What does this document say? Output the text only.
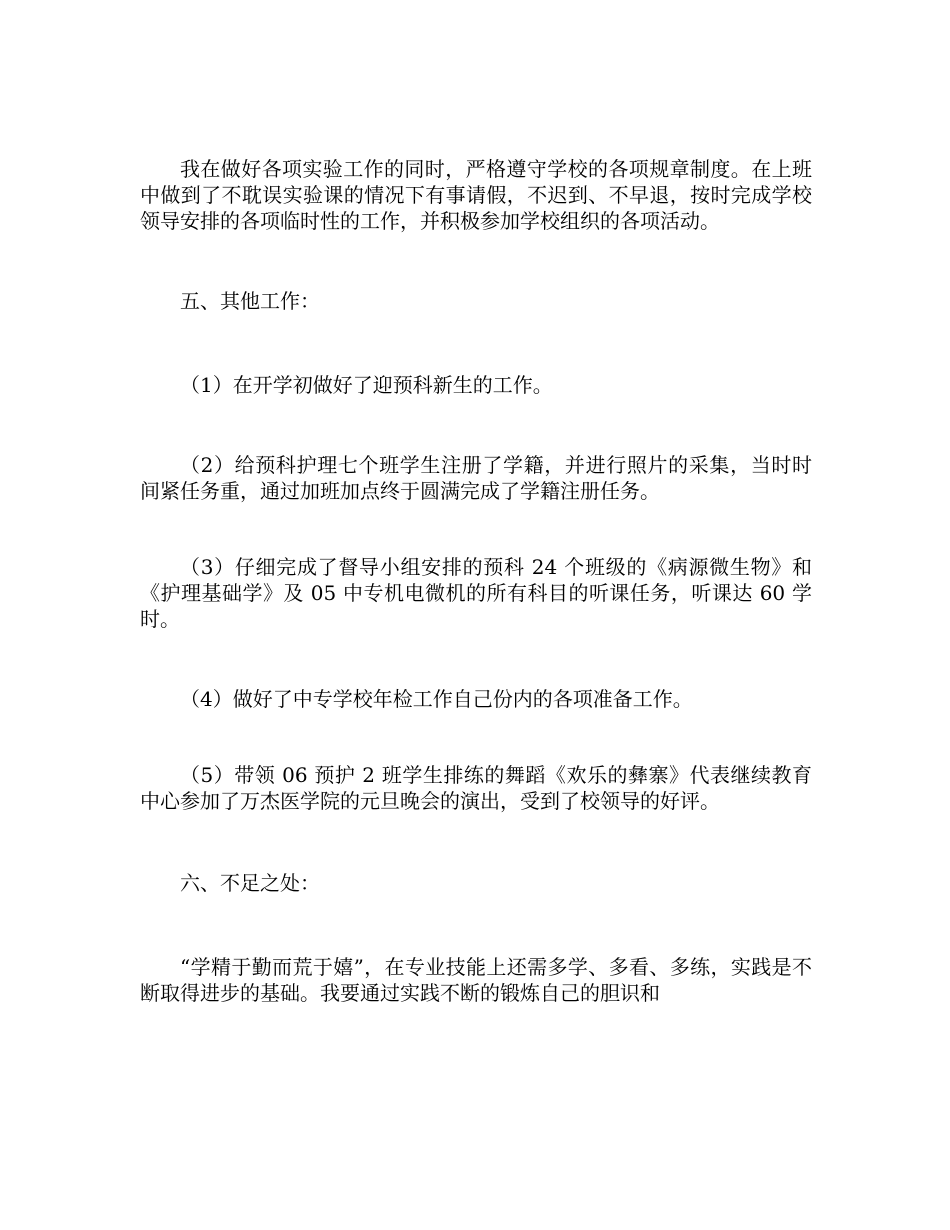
我在做好各项实验工作的同时，严格遵守学校的各项规章制度。在上班中做到了不耽误实验课的情况下有事请假，不迟到、不早退，按时完成学校领导安排的各项临时性的工作，并积极参加学校组织的各项活动。

五、其他工作：

（1）在开学初做好了迎预科新生的工作。

（2）给预科护理七个班学生注册了学籍，并进行照片的采集，当时时间紧任务重，通过加班加点终于圆满完成了学籍注册任务。

（3）仔细完成了督导小组安排的预科 24 个班级的《病源微生物》和《护理基础学》及 05 中专机电微机的所有科目的听课任务，听课达 60 学时。

（4）做好了中专学校年检工作自己份内的各项准备工作。

（5）带领 06 预护 2 班学生排练的舞蹈《欢乐的彝寨》代表继续教育中心参加了万杰医学院的元旦晚会的演出，受到了校领导的好评。

六、不足之处：

“学精于勤而荒于嬉”，在专业技能上还需多学、多看、多练，实践是不断取得进步的基础。我要通过实践不断的锻炼自己的胆识和
